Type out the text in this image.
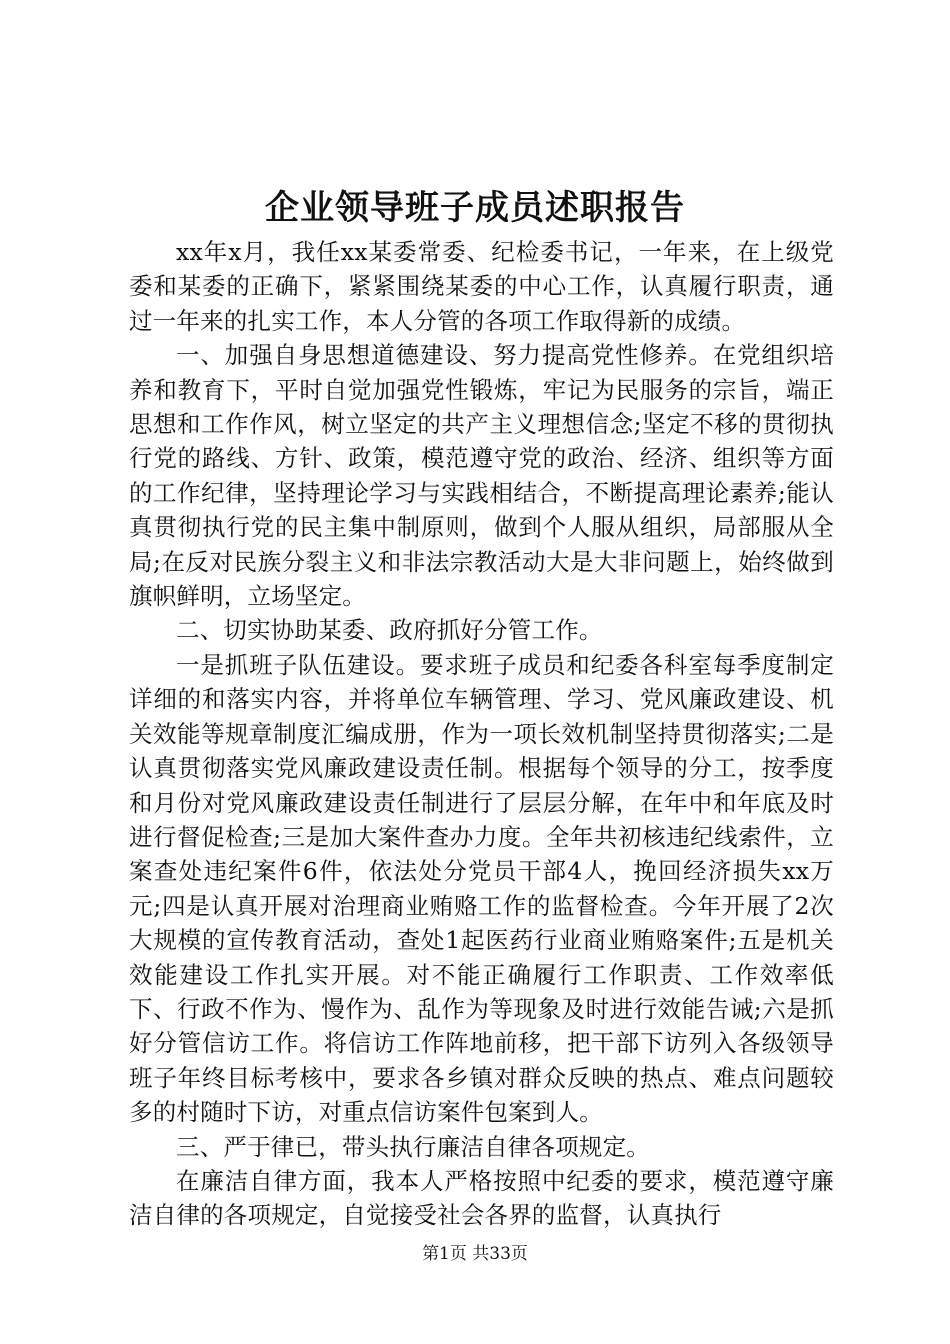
企业领导班子成员述职报告

xx年x月，我任xx某委常委、纪检委书记，一年来，在上级党委和某委的正确下，紧紧围绕某委的中心工作，认真履行职责，通过一年来的扎实工作，本人分管的各项工作取得新的成绩。

一、加强自身思想道德建设、努力提高党性修养。在党组织培养和教育下，平时自觉加强党性锻炼，牢记为民服务的宗旨，端正思想和工作作风，树立坚定的共产主义理想信念;坚定不移的贯彻执行党的路线、方针、政策，模范遵守党的政治、经济、组织等方面的工作纪律，坚持理论学习与实践相结合，不断提高理论素养;能认真贯彻执行党的民主集中制原则，做到个人服从组织，局部服从全局;在反对民族分裂主义和非法宗教活动大是大非问题上，始终做到旗帜鲜明，立场坚定。

二、切实协助某委、政府抓好分管工作。

一是抓班子队伍建设。要求班子成员和纪委各科室每季度制定详细的和落实内容，并将单位车辆管理、学习、党风廉政建设、机关效能等规章制度汇编成册，作为一项长效机制坚持贯彻落实;二是认真贯彻落实党风廉政建设责任制。根据每个领导的分工，按季度和月份对党风廉政建设责任制进行了层层分解，在年中和年底及时进行督促检查;三是加大案件查办力度。全年共初核违纪线索件，立案查处违纪案件6件，依法处分党员干部4人，挽回经济损失xx万元;四是认真开展对治理商业贿赂工作的监督检查。今年开展了2次大规模的宣传教育活动，查处1起医药行业商业贿赂案件;五是机关效能建设工作扎实开展。对不能正确履行工作职责、工作效率低下、行政不作为、慢作为、乱作为等现象及时进行效能告诫;六是抓好分管信访工作。将信访工作阵地前移，把干部下访列入各级领导班子年终目标考核中，要求各乡镇对群众反映的热点、难点问题较多的村随时下访，对重点信访案件包案到人。

三、严于律已，带头执行廉洁自律各项规定。

在廉洁自律方面，我本人严格按照中纪委的要求，模范遵守廉洁自律的各项规定，自觉接受社会各界的监督，认真执行

第1页 共33页
